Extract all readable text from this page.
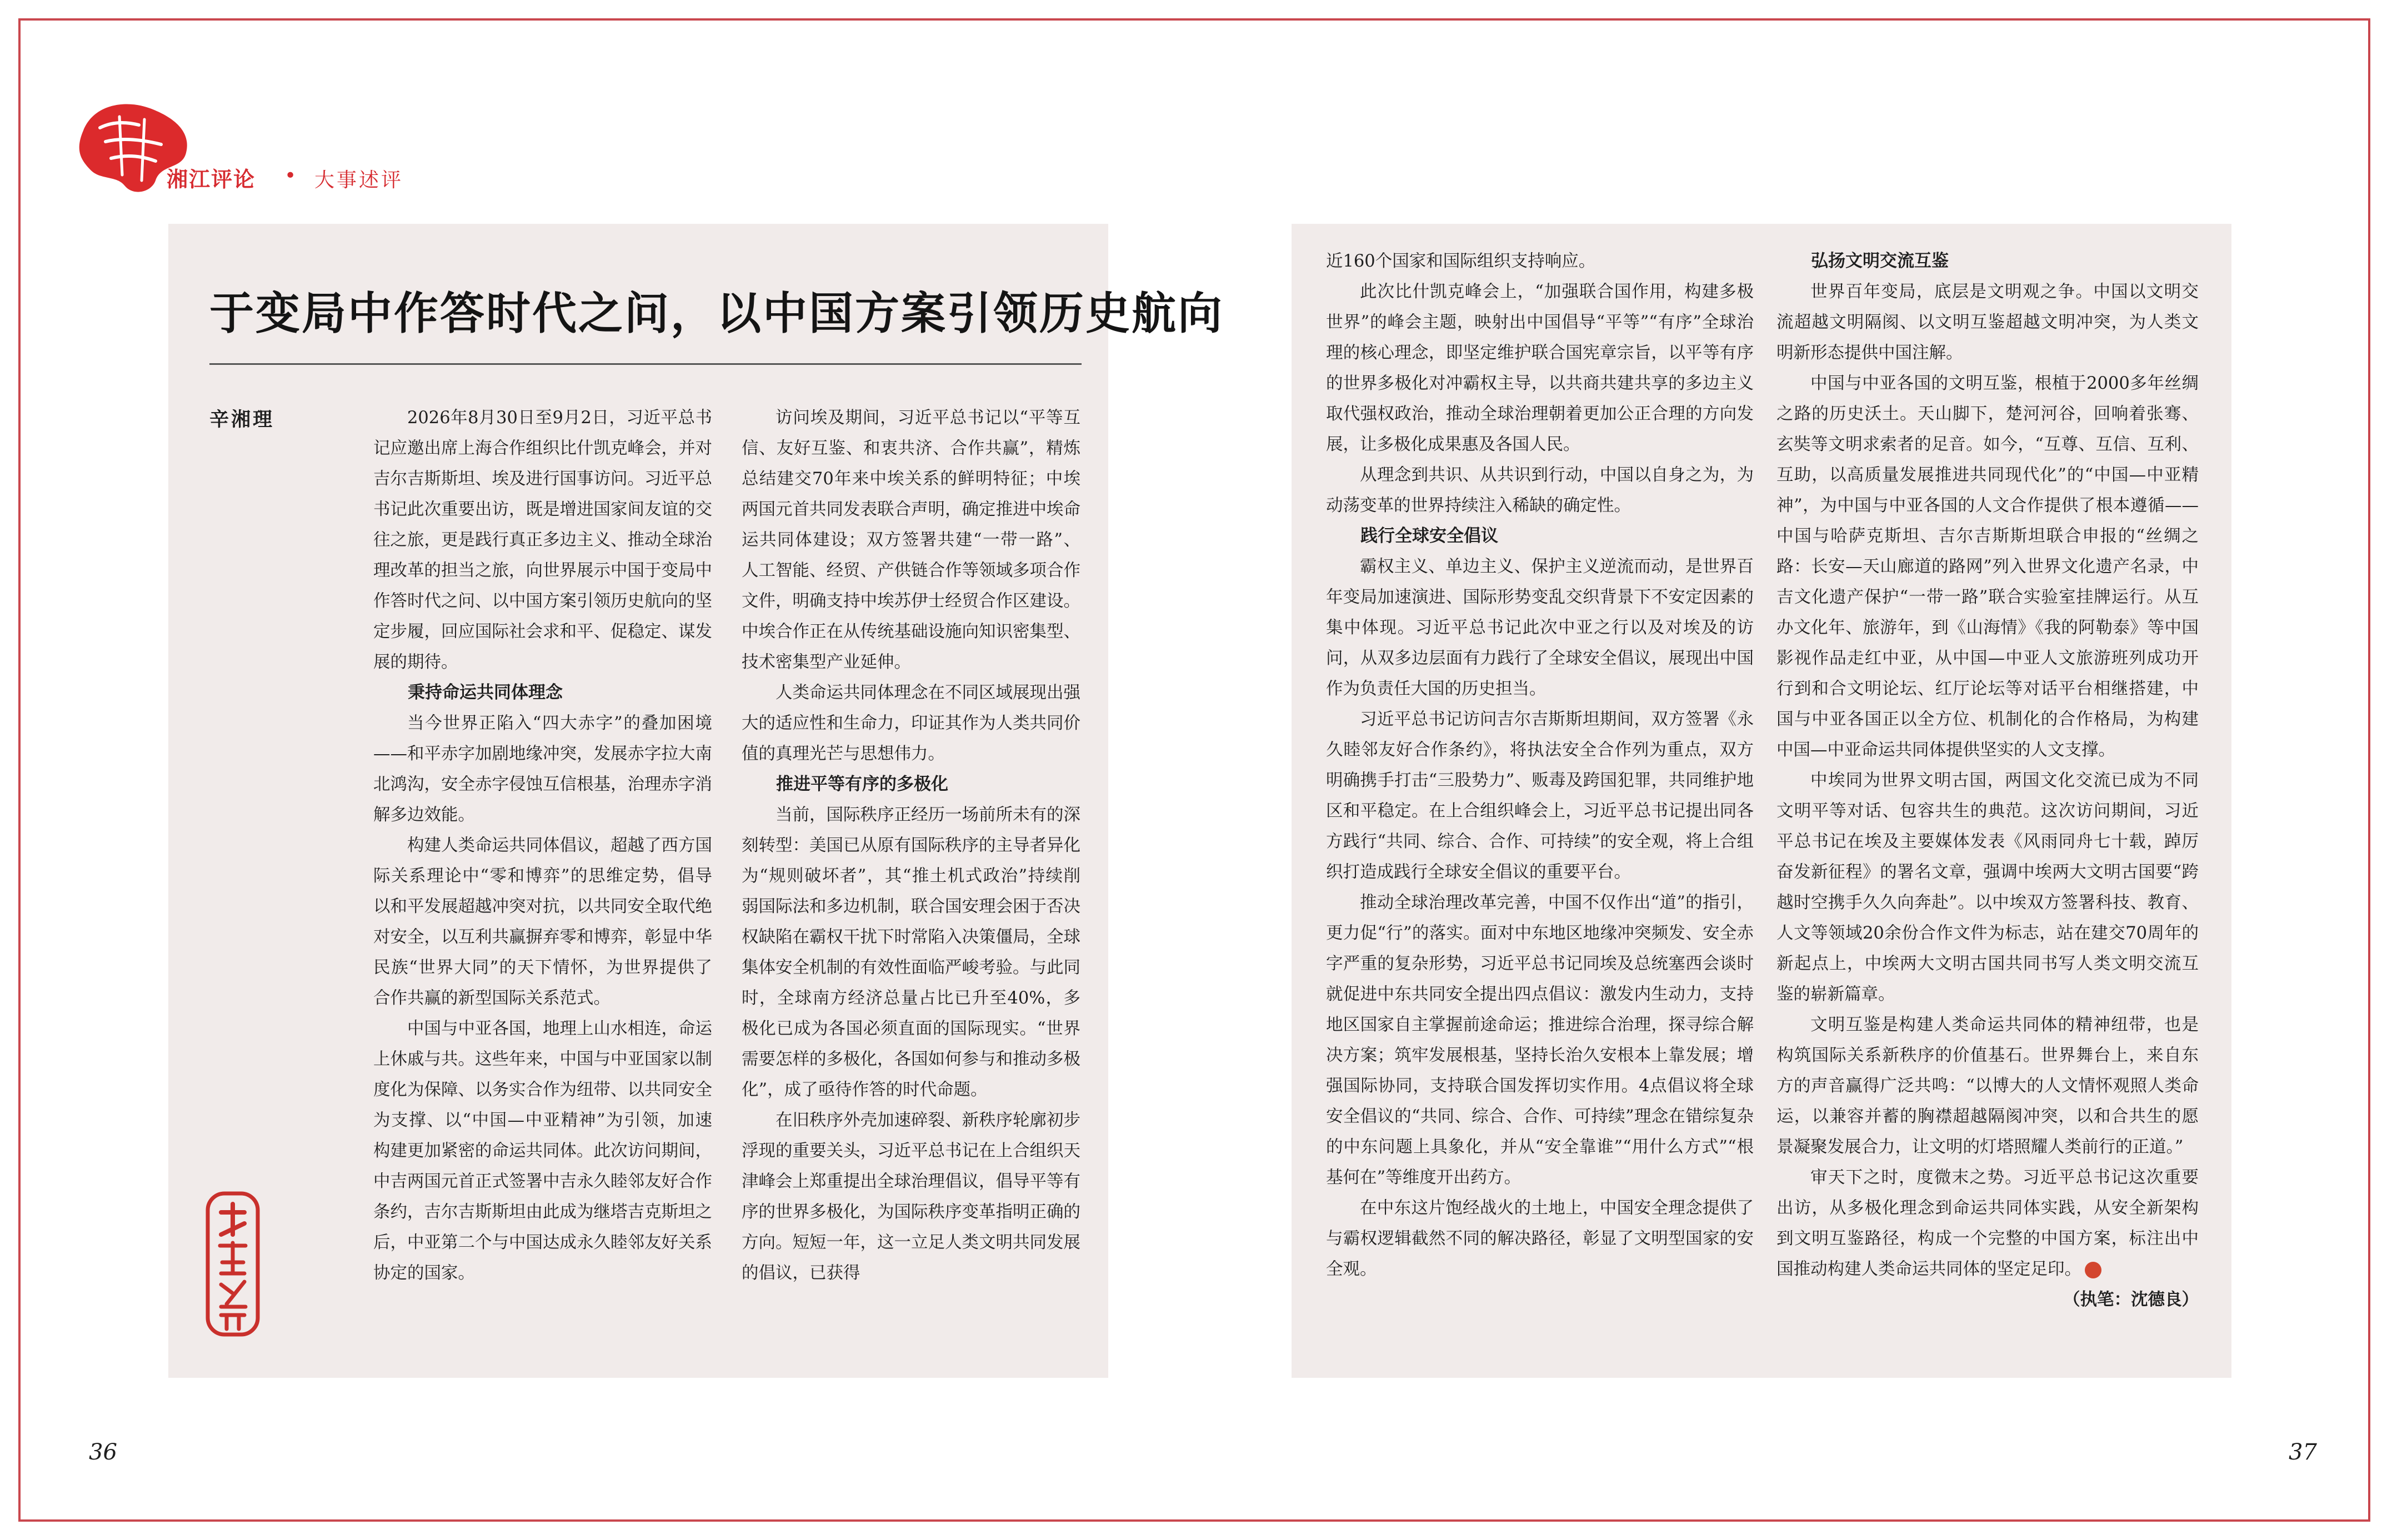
湘江评论 • 大事述评
于变局中作答时代之问，以中国方案引领历史航向
辛湘理	2026年8月30日至9月2日，习近平总书记应邀出席上海合作组织比什凯克峰会，并对吉尔吉斯斯坦、埃及进行国事访问。习近平总书记此次重要出访，既是增进国家间友谊的交往之旅，更是践行真正多边主义、推动全球治理改革的担当之旅，向世界展示中国于变局中作答时代之问、以中国方案引领历史航向的坚定步履，回应国际社会求和平、促稳定、谋发展的期待。

秉持命运共同体理念

当今世界正陷入“四大赤字”的叠加困境——和平赤字加剧地缘冲突，发展赤字拉大南北鸿沟，安全赤字侵蚀互信根基，治理赤字消解多边效能。

构建人类命运共同体倡议，超越了西方国际关系理论中“零和博弈”的思维定势，倡导以和平发展超越冲突对抗，以共同安全取代绝对安全，以互利共赢摒弃零和博弈，彰显中华民族“世界大同”的天下情怀，为世界提供了合作共赢的新型国际关系范式。

中国与中亚各国，地理上山水相连，命运上休戚与共。这些年来，中国与中亚国家以制度化为保障、以务实合作为纽带、以共同安全为支撑、以“中国—中亚精神”为引领，加速构建更加紧密的命运共同体。此次访问期间，中吉两国元首正式签署中吉永久睦邻友好合作条约，吉尔吉斯斯坦由此成为继塔吉克斯坦之后，中亚第二个与中国达成永久睦邻友好关系协定的国家。

访问埃及期间，习近平总书记以“平等互信、友好互鉴、和衷共济、合作共赢”，精炼总结建交70年来中埃关系的鲜明特征；中埃两国元首共同发表联合声明，确定推进中埃命运共同体建设；双方签署共建“一带一路”、人工智能、经贸、产供链合作等领域多项合作文件，明确支持中埃苏伊士经贸合作区建设。中埃合作正在从传统基础设施向知识密集型、技术密集型产业延伸。

人类命运共同体理念在不同区域展现出强大的适应性和生命力，印证其作为人类共同价值的真理光芒与思想伟力。

推进平等有序的多极化

当前，国际秩序正经历一场前所未有的深刻转型：美国已从原有国际秩序的主导者异化为“规则破坏者”，其“推土机式政治”持续削弱国际法和多边机制，联合国安理会困于否决权缺陷在霸权干扰下时常陷入决策僵局，全球集体安全机制的有效性面临严峻考验。与此同时，全球南方经济总量占比已升至40%，多极化已成为各国必须直面的国际现实。“世界需要怎样的多极化，各国如何参与和推动多极化”，成了亟待作答的时代命题。

在旧秩序外壳加速碎裂、新秩序轮廓初步浮现的重要关头，习近平总书记在上合组织天津峰会上郑重提出全球治理倡议，倡导平等有序的世界多极化，为国际秩序变革指明正确的方向。短短一年，这一立足人类文明共同发展的倡议，已获得

近160个国家和国际组织支持响应。

此次比什凯克峰会上，“加强联合国作用，构建多极世界”的峰会主题，映射出中国倡导“平等”“有序”全球治理的核心理念，即坚定维护联合国宪章宗旨，以平等有序的世界多极化对冲霸权主导，以共商共建共享的多边主义取代强权政治，推动全球治理朝着更加公正合理的方向发展，让多极化成果惠及各国人民。

从理念到共识、从共识到行动，中国以自身之为，为动荡变革的世界持续注入稀缺的确定性。

践行全球安全倡议

霸权主义、单边主义、保护主义逆流而动，是世界百年变局加速演进、国际形势变乱交织背景下不安定因素的集中体现。习近平总书记此次中亚之行以及对埃及的访问，从双多边层面有力践行了全球安全倡议，展现出中国作为负责任大国的历史担当。

习近平总书记访问吉尔吉斯斯坦期间，双方签署《永久睦邻友好合作条约》，将执法安全合作列为重点，双方明确携手打击“三股势力”、贩毒及跨国犯罪，共同维护地区和平稳定。在上合组织峰会上，习近平总书记提出同各方践行“共同、综合、合作、可持续”的安全观，将上合组织打造成践行全球安全倡议的重要平台。

推动全球治理改革完善，中国不仅作出“道”的指引，更力促“行”的落实。面对中东地区地缘冲突频发、安全赤字严重的复杂形势，习近平总书记同埃及总统塞西会谈时就促进中东共同安全提出四点倡议：激发内生动力，支持地区国家自主掌握前途命运；推进综合治理，探寻综合解决方案；筑牢发展根基，坚持长治久安根本上靠发展；增强国际协同，支持联合国发挥切实作用。4点倡议将全球安全倡议的“共同、综合、合作、可持续”理念在错综复杂的中东问题上具象化，并从“安全靠谁”“用什么方式”“根基何在”等维度开出药方。

在中东这片饱经战火的土地上，中国安全理念提供了与霸权逻辑截然不同的解决路径，彰显了文明型国家的安全观。

弘扬文明交流互鉴

世界百年变局，底层是文明观之争。中国以文明交流超越文明隔阂、以文明互鉴超越文明冲突，为人类文明新形态提供中国注解。

中国与中亚各国的文明互鉴，根植于2000多年丝绸之路的历史沃土。天山脚下，楚河河谷，回响着张骞、玄奘等文明求索者的足音。如今，“互尊、互信、互利、互助，以高质量发展推进共同现代化”的“中国—中亚精神”，为中国与中亚各国的人文合作提供了根本遵循——中国与哈萨克斯坦、吉尔吉斯斯坦联合申报的“丝绸之路：长安—天山廊道的路网”列入世界文化遗产名录，中吉文化遗产保护“一带一路”联合实验室挂牌运行。从互办文化年、旅游年，到《山海情》《我的阿勒泰》等中国影视作品走红中亚，从中国—中亚人文旅游班列成功开行到和合文明论坛、红厅论坛等对话平台相继搭建，中国与中亚各国正以全方位、机制化的合作格局，为构建中国—中亚命运共同体提供坚实的人文支撑。

中埃同为世界文明古国，两国文化交流已成为不同文明平等对话、包容共生的典范。这次访问期间，习近平总书记在埃及主要媒体发表《风雨同舟七十载，踔厉奋发新征程》的署名文章，强调中埃两大文明古国要“跨越时空携手久久向奔赴”。以中埃双方签署科技、教育、人文等领域20余份合作文件为标志，站在建交70周年的新起点上，中埃两大文明古国共同书写人类文明交流互鉴的崭新篇章。

文明互鉴是构建人类命运共同体的精神纽带，也是构筑国际关系新秩序的价值基石。世界舞台上，来自东方的声音赢得广泛共鸣：“以博大的人文情怀观照人类命运，以兼容并蓄的胸襟超越隔阂冲突，以和合共生的愿景凝聚发展合力，让文明的灯塔照耀人类前行的正道。”

审天下之时，度微末之势。习近平总书记这次重要出访，从多极化理念到命运共同体实践，从安全新架构到文明互鉴路径，构成一个完整的中国方案，标注出中国推动构建人类命运共同体的坚定足印。

（执笔：沈德良）

36	37
